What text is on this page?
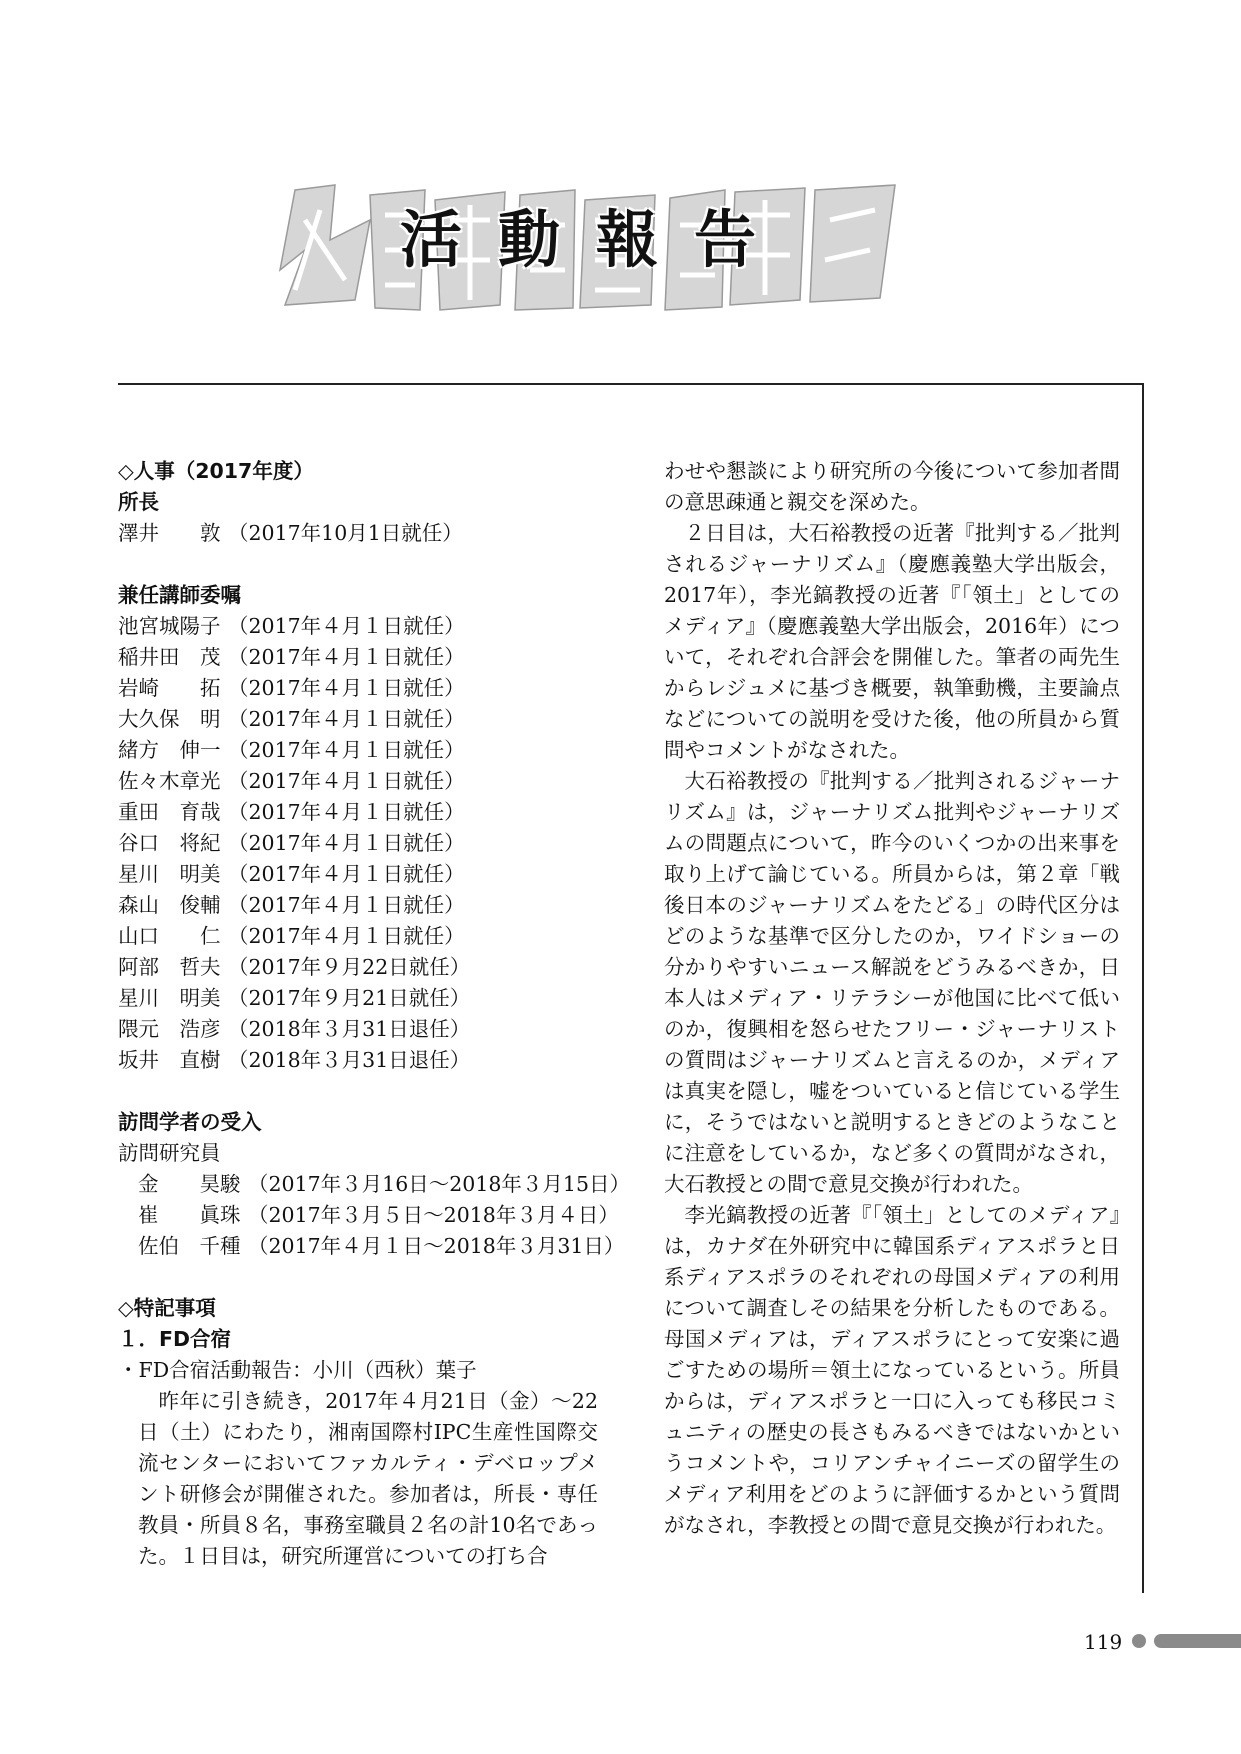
活動報告
◇人事（2017年度）
所長
澤井　　敦 （2017年10月1日就任）
兼任講師委嘱
池宮城陽子 （2017年４月１日就任）
稲井田　茂 （2017年４月１日就任）
岩崎　　拓 （2017年４月１日就任）
大久保　明 （2017年４月１日就任）
緒方　伸一 （2017年４月１日就任）
佐々木章光 （2017年４月１日就任）
重田　育哉 （2017年４月１日就任）
谷口　将紀 （2017年４月１日就任）
星川　明美 （2017年４月１日就任）
森山　俊輔 （2017年４月１日就任）
山口　　仁 （2017年４月１日就任）
阿部　哲夫 （2017年９月22日就任）
星川　明美 （2017年９月21日就任）
隈元　浩彦 （2018年３月31日退任）
坂井　直樹 （2018年３月31日退任）
訪問学者の受入
訪問研究員
金　　昊駿 （2017年３月16日～2018年３月15日）
崔　　眞珠 （2017年３月５日～2018年３月４日）
佐伯　千種 （2017年４月１日～2018年３月31日）
◇特記事項
１．FD合宿
・FD合宿活動報告：小川（西秋）葉子

昨年に引き続き，2017年４月21日（金）～22日（土）にわたり，湘南国際村IPC生産性国際交流センターにおいてファカルティ・デベロップメント研修会が開催された。参加者は，所長・専任教員・所員８名，事務室職員２名の計10名であった。１日目は，研究所運営についての打ち合

わせや懇談により研究所の今後について参加者間の意思疎通と親交を深めた。

２日目は，大石裕教授の近著『批判する／批判されるジャーナリズム』（慶應義塾大学出版会，2017年），李光鎬教授の近著『「領土」としてのメディア』（慶應義塾大学出版会，2016年）について，それぞれ合評会を開催した。筆者の両先生からレジュメに基づき概要，執筆動機，主要論点などについての説明を受けた後，他の所員から質問やコメントがなされた。

大石裕教授の『批判する／批判されるジャーナリズム』は，ジャーナリズム批判やジャーナリズムの問題点について，昨今のいくつかの出来事を取り上げて論じている。所員からは，第２章「戦後日本のジャーナリズムをたどる」の時代区分はどのような基準で区分したのか，ワイドショーの分かりやすいニュース解説をどうみるべきか，日本人はメディア・リテラシーが他国に比べて低いのか，復興相を怒らせたフリー・ジャーナリストの質問はジャーナリズムと言えるのか，メディアは真実を隠し，嘘をついていると信じている学生に，そうではないと説明するときどのようなことに注意をしているか，など多くの質問がなされ，大石教授との間で意見交換が行われた。

李光鎬教授の近著『「領土」としてのメディア』は，カナダ在外研究中に韓国系ディアスポラと日系ディアスポラのそれぞれの母国メディアの利用について調査しその結果を分析したものである。母国メディアは，ディアスポラにとって安楽に過ごすための場所＝領土になっているという。所員からは，ディアスポラと一口に入っても移民コミュニティの歴史の長さもみるべきではないかというコメントや，コリアンチャイニーズの留学生のメディア利用をどのように評価するかという質問がなされ，李教授との間で意見交換が行われた。

119
